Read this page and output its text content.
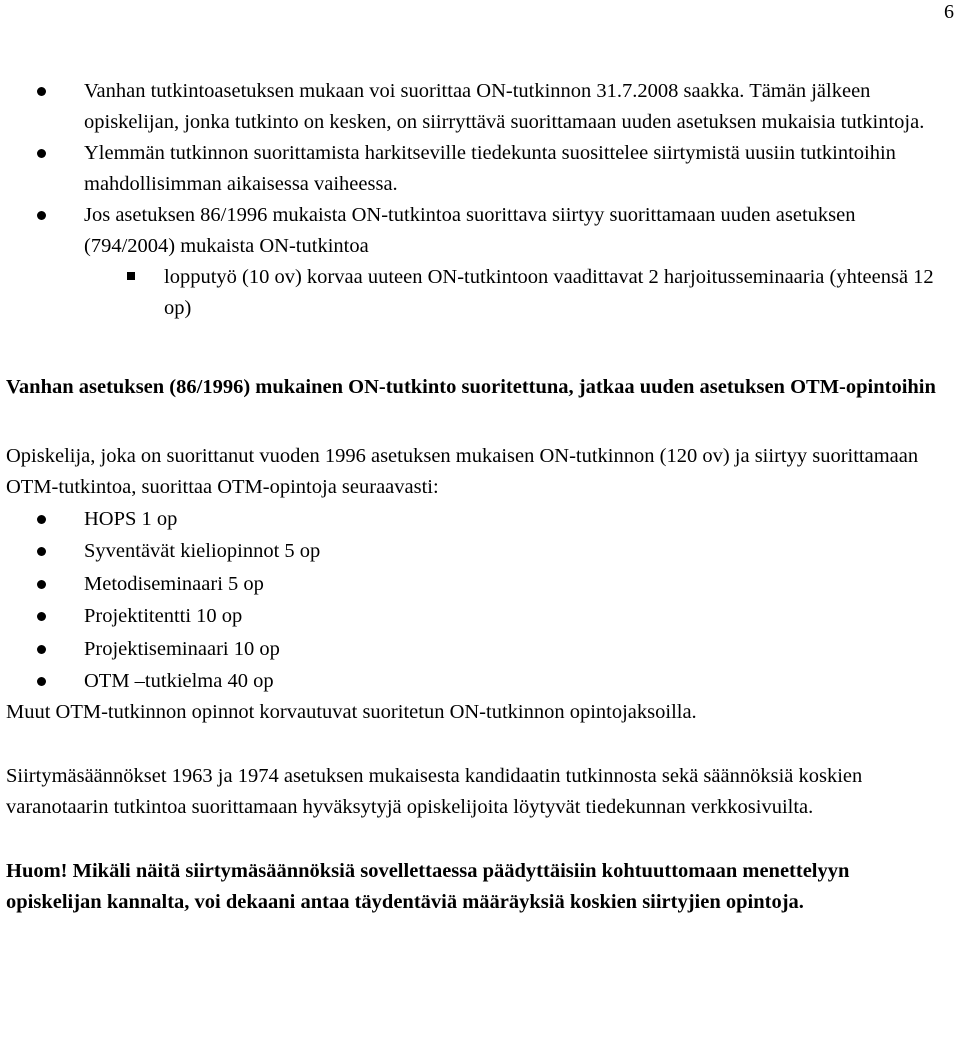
6
Vanhan tutkintoasetuksen mukaan voi suorittaa ON-tutkinnon 31.7.2008 saakka. Tämän jälkeen opiskelijan, jonka tutkinto on kesken, on siirryttävä suorittamaan uuden asetuksen mukaisia tutkintoja.
Ylemmän tutkinnon suorittamista harkitseville tiedekunta suosittelee siirtymistä uusiin tutkintoihin mahdollisimman aikaisessa vaiheessa.
Jos asetuksen 86/1996 mukaista ON-tutkintoa suorittava siirtyy suorittamaan uuden asetuksen (794/2004) mukaista ON-tutkintoa
lopputyö (10 ov) korvaa uuteen ON-tutkintoon vaadittavat 2 harjoitusseminaaria (yhteensä 12 op)
Vanhan asetuksen (86/1996) mukainen ON-tutkinto suoritettuna, jatkaa uuden asetuksen OTM-opintoihin
Opiskelija, joka on suorittanut vuoden 1996 asetuksen mukaisen ON-tutkinnon (120 ov) ja siirtyy suorittamaan OTM-tutkintoa, suorittaa OTM-opintoja seuraavasti:
HOPS 1 op
Syventävät kieliopinnot 5 op
Metodiseminaari 5 op
Projektitentti 10 op
Projektiseminaari 10 op
OTM –tutkielma 40 op
Muut OTM-tutkinnon opinnot korvautuvat suoritetun ON-tutkinnon opintojaksoilla.
Siirtymäsäännökset 1963 ja 1974 asetuksen mukaisesta kandidaatin tutkinnosta sekä säännöksiä koskien varanotaarin tutkintoa suorittamaan hyväksytyjä opiskelijoita löytyvät tiedekunnan verkkosivuilta.
Huom! Mikäli näitä siirtymäsäännöksiä sovellettaessa päädyttäisiin kohtuuttomaan menettelyyn opiskelijan kannalta, voi dekaani antaa täydentäviä määräyksiä koskien siirtyjien opintoja.
